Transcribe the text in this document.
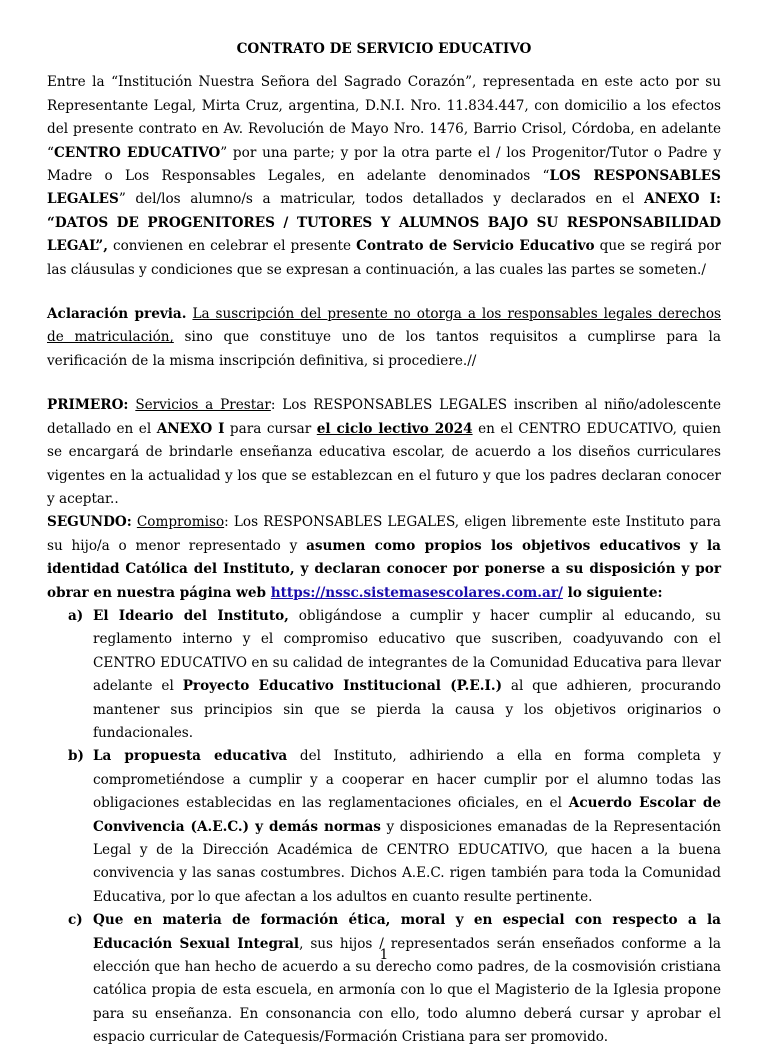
CONTRATO DE SERVICIO EDUCATIVO

Entre la “Institución Nuestra Señora del Sagrado Corazón”, representada en este acto por su Representante Legal, Mirta Cruz, argentina, D.N.I. Nro. 11.834.447, con domicilio a los efectos del presente contrato en Av. Revolución de Mayo Nro. 1476, Barrio Crisol, Córdoba, en adelante “CENTRO EDUCATIVO” por una parte; y por la otra parte el / los Progenitor/Tutor o Padre y Madre o Los Responsables Legales, en adelante denominados “LOS RESPONSABLES LEGALES” del/los alumno/s a matricular, todos detallados y declarados en el ANEXO I: “DATOS DE PROGENITORES / TUTORES Y ALUMNOS BAJO SU RESPONSABILIDAD LEGAL”, convienen en celebrar el presente Contrato de Servicio Educativo que se regirá por las cláusulas y condiciones que se expresan a continuación, a las cuales las partes se someten./

Aclaración previa. La suscripción del presente no otorga a los responsables legales derechos de matriculación, sino que constituye uno de los tantos requisitos a cumplirse para la verificación de la misma inscripción definitiva, si procediere.//

PRIMERO: Servicios a Prestar: Los RESPONSABLES LEGALES inscriben al niño/adolescente detallado en el ANEXO I para cursar el ciclo lectivo 2024 en el CENTRO EDUCATIVO, quien se encargará de brindarle enseñanza educativa escolar, de acuerdo a los diseños curriculares vigentes en la actualidad y los que se establezcan en el futuro y que los padres declaran conocer y aceptar..

SEGUNDO: Compromiso: Los RESPONSABLES LEGALES, eligen libremente este Instituto para su hijo/a o menor representado y asumen como propios los objetivos educativos y la identidad Católica del Instituto, y declaran conocer por ponerse a su disposición y por obrar en nuestra página web https://nssc.sistemasescolares.com.ar/ lo siguiente:

a) El Ideario del Instituto, obligándose a cumplir y hacer cumplir al educando, su reglamento interno y el compromiso educativo que suscriben, coadyuvando con el CENTRO EDUCATIVO en su calidad de integrantes de la Comunidad Educativa para llevar adelante el Proyecto Educativo Institucional (P.E.I.) al que adhieren, procurando mantener sus principios sin que se pierda la causa y los objetivos originarios o fundacionales.
b) La propuesta educativa del Instituto, adhiriendo a ella en forma completa y comprometiéndose a cumplir y a cooperar en hacer cumplir por el alumno todas las obligaciones establecidas en las reglamentaciones oficiales, en el Acuerdo Escolar de Convivencia (A.E.C.) y demás normas y disposiciones emanadas de la Representación Legal y de la Dirección Académica de CENTRO EDUCATIVO, que hacen a la buena convivencia y las sanas costumbres. Dichos A.E.C. rigen también para toda la Comunidad Educativa, por lo que afectan a los adultos en cuanto resulte pertinente.
c) Que en materia de formación ética, moral y en especial con respecto a la Educación Sexual Integral, sus hijos / representados serán enseñados conforme a la elección que han hecho de acuerdo a su derecho como padres, de la cosmovisión cristiana católica propia de esta escuela, en armonía con lo que el Magisterio de la Iglesia propone para su enseñanza. En consonancia con ello, todo alumno deberá cursar y aprobar el espacio curricular de Catequesis/Formación Cristiana para ser promovido.
1
